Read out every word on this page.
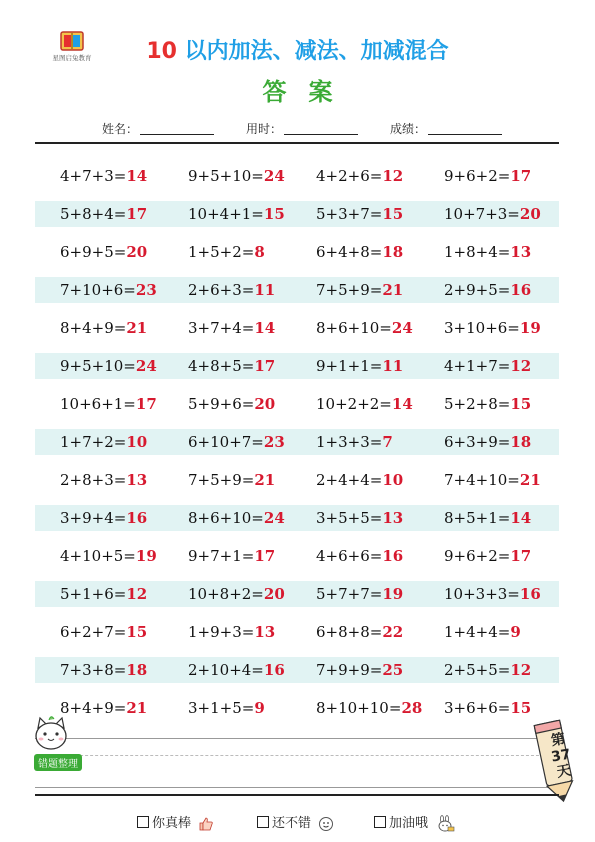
星图启兔教育	10 以内加法、减法、加减混合
答案
姓名：	用时：	成绩：
4+7+3=14	9+5+10=24 4+2+6=12	9+6+2=17
5+8+4=17	10+4+1=15 5+3+7=15	10+7+3=20
6+9+5=20	1+5+2=8	6+4+8=18	1+8+4=13
7+10+6=23 2+6+3=11	7+5+9=21	2+9+5=16
8+4+9=21	3+7+4=14	8+6+10=24 3+10+6=19
9+5+10=24 4+8+5=17	9+1+1=11	4+1+7=12
10+6+1=17 5+9+6=20	10+2+2=14 5+2+8=15
1+7+2=10	6+10+7=23 1+3+3=7	6+3+9=18
2+8+3=13	7+5+9=21	2+4+4=10	7+4+10=21
3+9+4=16	8+6+10=24 3+5+5=13	8+5+1=14
4+10+5=19 9+7+1=17	4+6+6=16	9+6+2=17
5+1+6=12	10+8+2=20 5+7+7=19	10+3+3=16
6+2+7=15	1+9+3=13	6+8+8=22	1+4+4=9
7+3+8=18	2+10+4=16 7+9+9=25	2+5+5=12
8+4+9=21	3+1+5=9	8+10+10=28 3+6+6=15
错题整理
第
37
天
你真棒	还不错	加油哦
